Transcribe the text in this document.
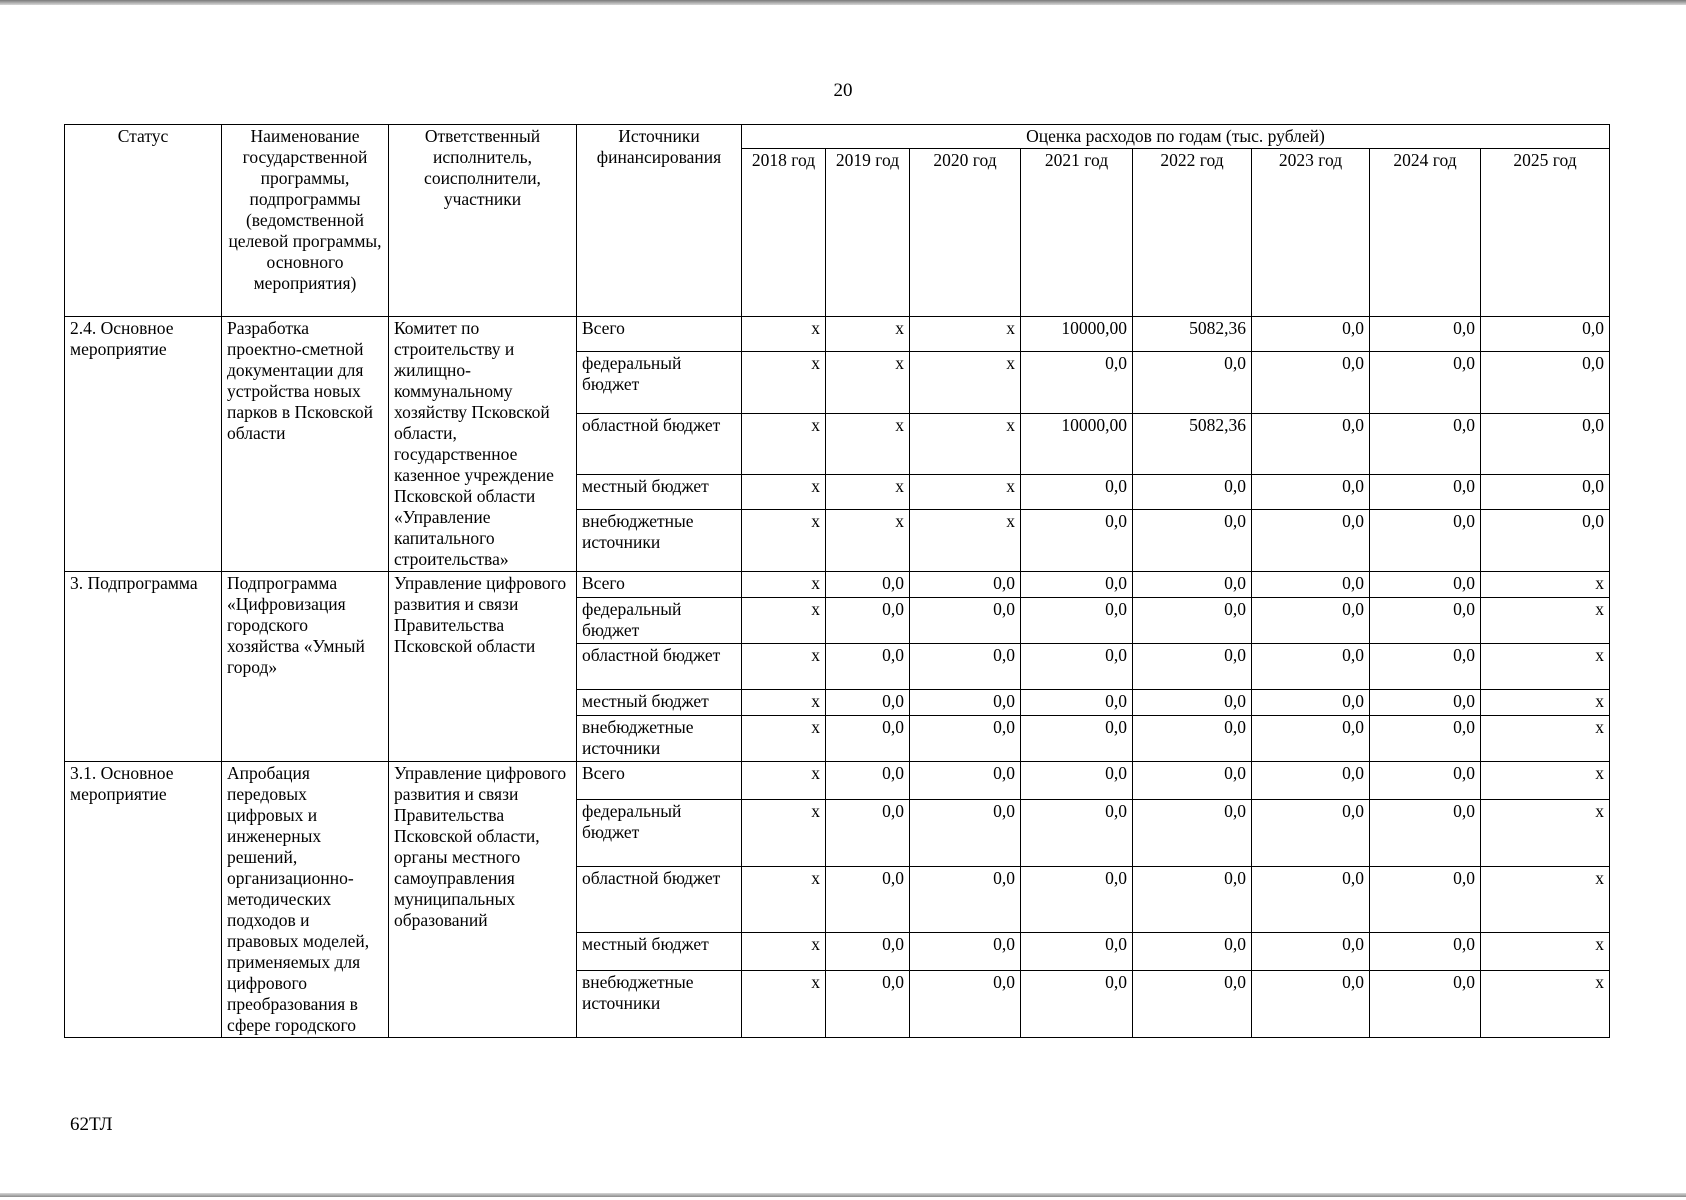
20
Статус	Наименование государственной программы, подпрограммы (ведомственной целевой программы, основного мероприятия)	Ответственный исполнитель, соисполнители, участники	Источники финансирования	Оценка расходов по годам (тыс. рублей)							
				2018 год	2019 год	2020 год	2021 год	2022 год	2023 год	2024 год	2025 год
2.4. Основное мероприятие	Разработка проектно-сметной документации для устройства новых парков в Псковской области	Комитет по строительству и жилищно-коммунальному хозяйству Псковской области, государственное казенное учреждение Псковской области «Управление капитального строительства»	Всего	х	х	х	10000,00	5082,36	0,0	0,0	0,0
			федеральный бюджет	х	х	х	0,0	0,0	0,0	0,0	0,0
			областной бюджет	х	х	х	10000,00	5082,36	0,0	0,0	0,0
			местный бюджет	х	х	х	0,0	0,0	0,0	0,0	0,0
			внебюджетные источники	х	х	х	0,0	0,0	0,0	0,0	0,0
3. Подпрограмма	Подпрограмма «Цифровизация городского хозяйства «Умный город»	Управление цифрового развития и связи Правительства Псковской области	Всего	х	0,0	0,0	0,0	0,0	0,0	0,0	х
			федеральный бюджет	х	0,0	0,0	0,0	0,0	0,0	0,0	х
			областной бюджет	х	0,0	0,0	0,0	0,0	0,0	0,0	х
			местный бюджет	х	0,0	0,0	0,0	0,0	0,0	0,0	х
			внебюджетные источники	х	0,0	0,0	0,0	0,0	0,0	0,0	х
3.1. Основное мероприятие	Апробация передовых цифровых и инженерных решений, организационно-методических подходов и правовых моделей, применяемых для цифрового преобразования в сфере городского	Управление цифрового развития и связи Правительства Псковской области, органы местного самоуправления муниципальных образований	Всего	х	0,0	0,0	0,0	0,0	0,0	0,0	х
			федеральный бюджет	х	0,0	0,0	0,0	0,0	0,0	0,0	х
			областной бюджет	х	0,0	0,0	0,0	0,0	0,0	0,0	х
			местный бюджет	х	0,0	0,0	0,0	0,0	0,0	0,0	х
			внебюджетные источники	х	0,0	0,0	0,0	0,0	0,0	0,0	х
62ТЛ
